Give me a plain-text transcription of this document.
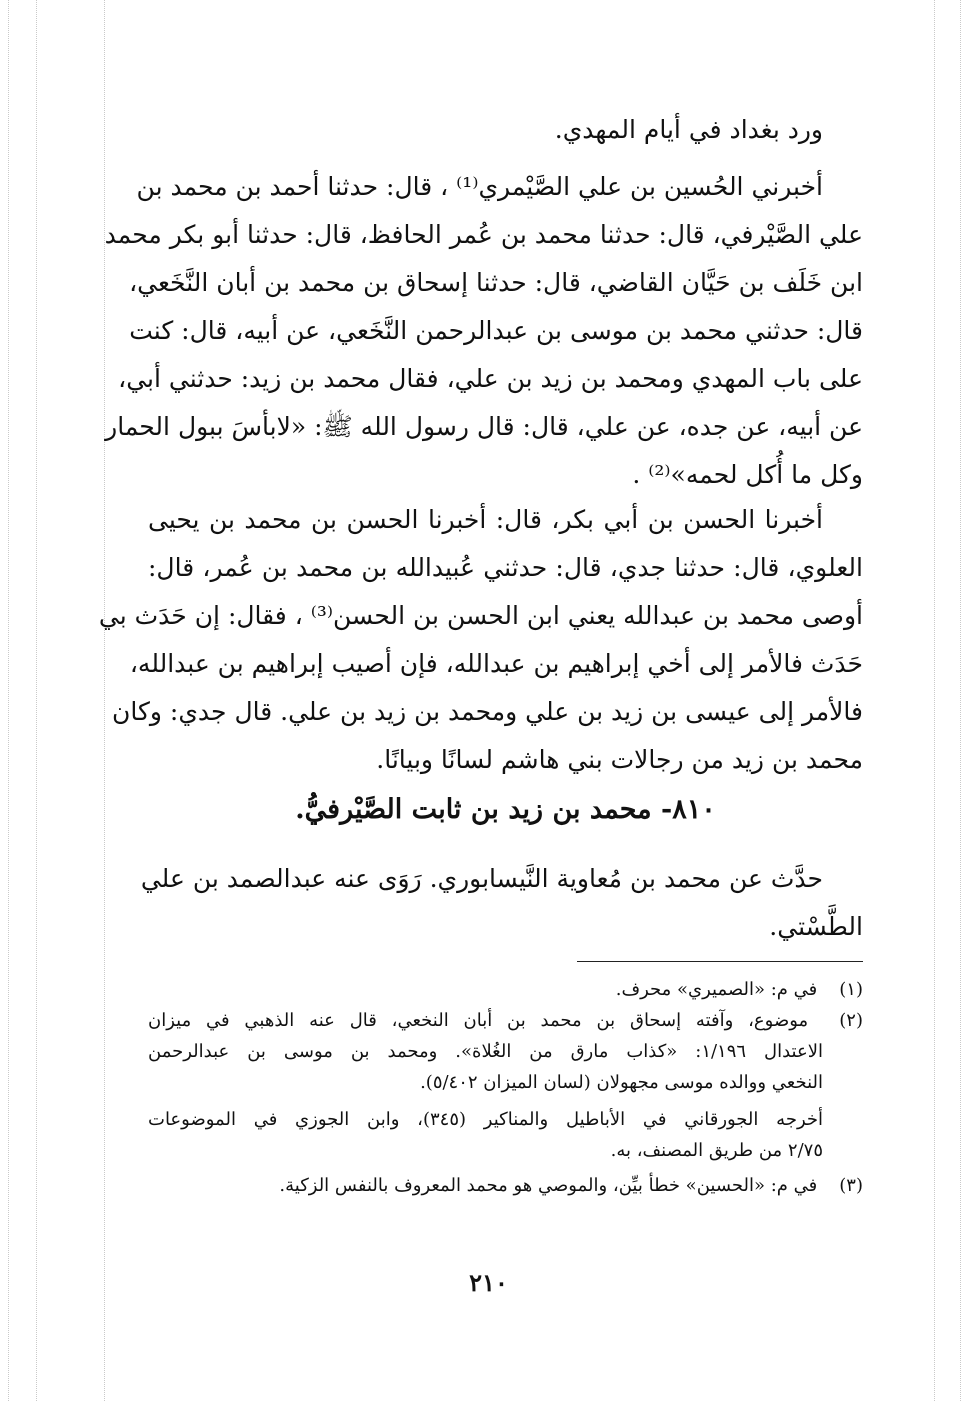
ورد بغداد في أيام المهدي.
أخبرني الحُسين بن علي الصَّيْمري⁽¹⁾ ، قال: حدثنا أحمد بن محمد بن
علي الصَّيْرفي، قال: حدثنا محمد بن عُمر الحافظ، قال: حدثنا أبو بكر محمد
ابن خَلَف بن حَيَّان القاضي، قال: حدثنا إسحاق بن محمد بن أبان النَّخَعي،
قال: حدثني محمد بن موسى بن عبدالرحمن النَّخَعي، عن أبيه، قال: كنت
على باب المهدي ومحمد بن زيد بن علي، فقال محمد بن زيد: حدثني أبي،
عن أبيه، عن جده، عن علي، قال: قال رسول الله ﷺ: «لابأسَ ببول الحمار
وكل ما أُكل لحمه»⁽²⁾ .
أخبرنا الحسن بن أبي بكر، قال: أخبرنا الحسن بن محمد بن يحيى
العلوي، قال: حدثنا جدي، قال: حدثني عُبيدالله بن محمد بن عُمر، قال:
أوصى محمد بن عبدالله يعني ابن الحسن بن الحسن⁽³⁾ ، فقال: إن حَدَث بي
حَدَث فالأمر إلى أخي إبراهيم بن عبدالله، فإن أصيب إبراهيم بن عبدالله،
فالأمر إلى عيسى بن زيد بن علي ومحمد بن زيد بن علي. قال جدي: وكان
محمد بن زيد من رجالات بني هاشم لسانًا وبيانًا.
٨١٠- محمد بن زيد بن ثابت الصَّيْرفيُّ.
حدَّث عن محمد بن مُعاوية النَّيسابوري. رَوَى عنه عبدالصمد بن علي
الطَّسْتي.
(١) في م: «الصميري» محرف.
(٢) موضوع، وآفته إسحاق بن محمد بن أبان النخعي، قال عنه الذهبي في ميزان
الاعتدال ١/١٩٦: «كذاب مارق من الغُلاة». ومحمد بن موسى بن عبدالرحمن
النخعي ووالده موسى مجهولان (لسان الميزان ٥/٤٠٢).
أخرجه الجورقاني في الأباطيل والمناكير (٣٤٥)، وابن الجوزي في الموضوعات
٢/٧٥ من طريق المصنف، به.
(٣) في م: «الحسين» خطأ بيِّن، والموصي هو محمد المعروف بالنفس الزكية.
٢١٠
